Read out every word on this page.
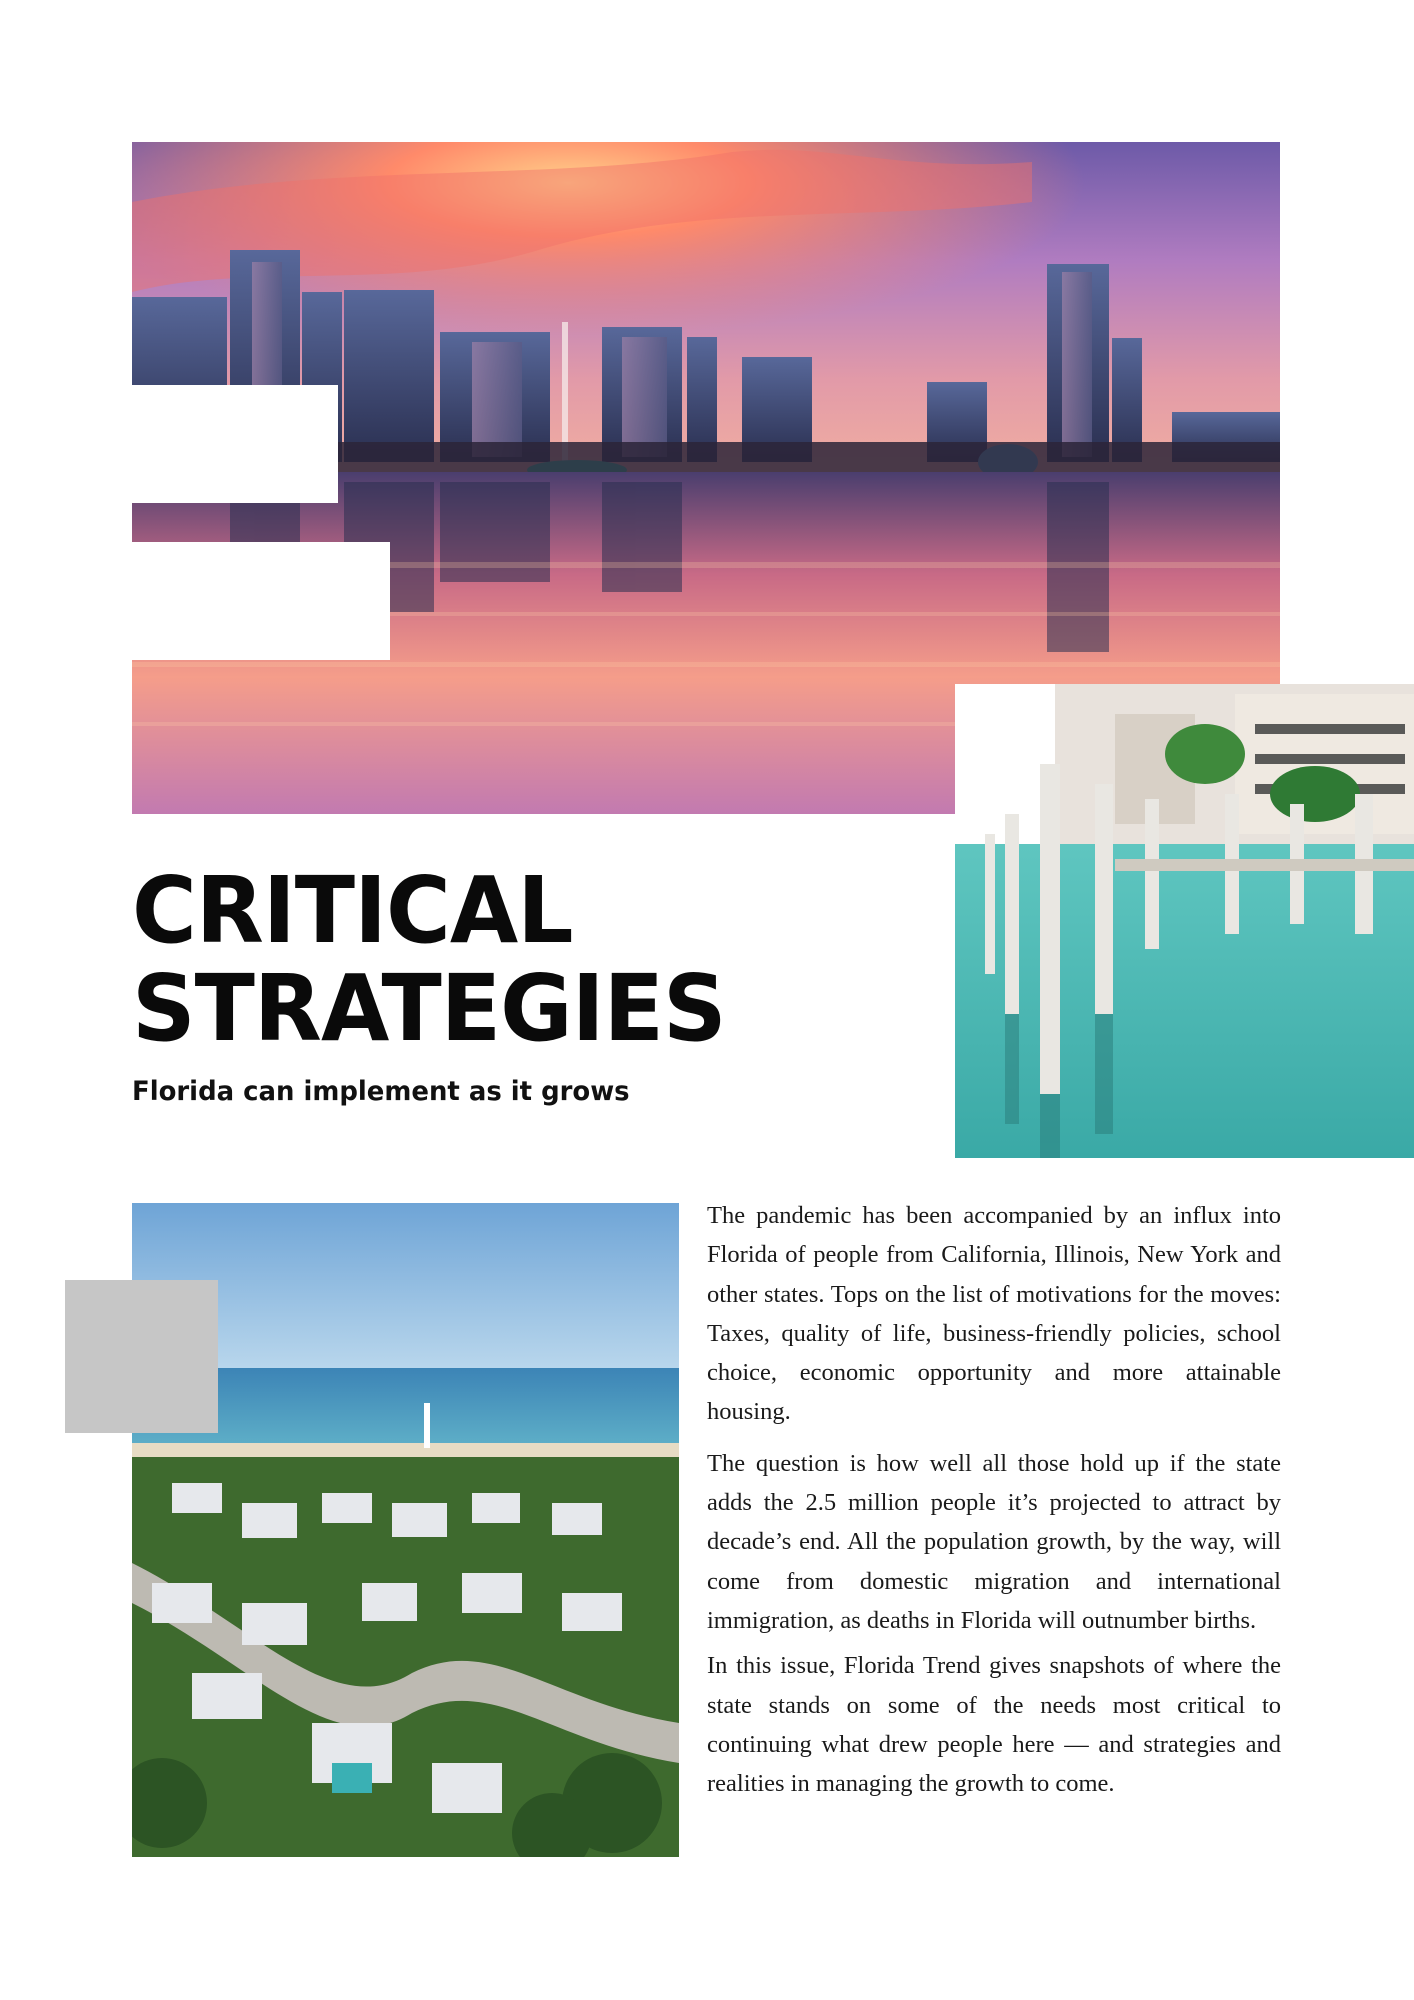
CRITICAL
STRATEGIES

Florida can implement as it grows

The pandemic has been accompanied by an influx into Florida of people from California, Illinois, New York and other states. Tops on the list of motivations for the moves: Taxes, quality of life, business-friendly policies, school choice, economic opportunity and more attainable housing.

The question is how well all those hold up if the state adds the 2.5 million people it’s projected to attract by decade’s end. All the population growth, by the way, will come from domestic migration and international immigration, as deaths in Florida will outnumber births.

In this issue, Florida Trend gives snapshots of where the state stands on some of the needs most critical to continuing what drew people here — and strategies and realities in managing the growth to come.
